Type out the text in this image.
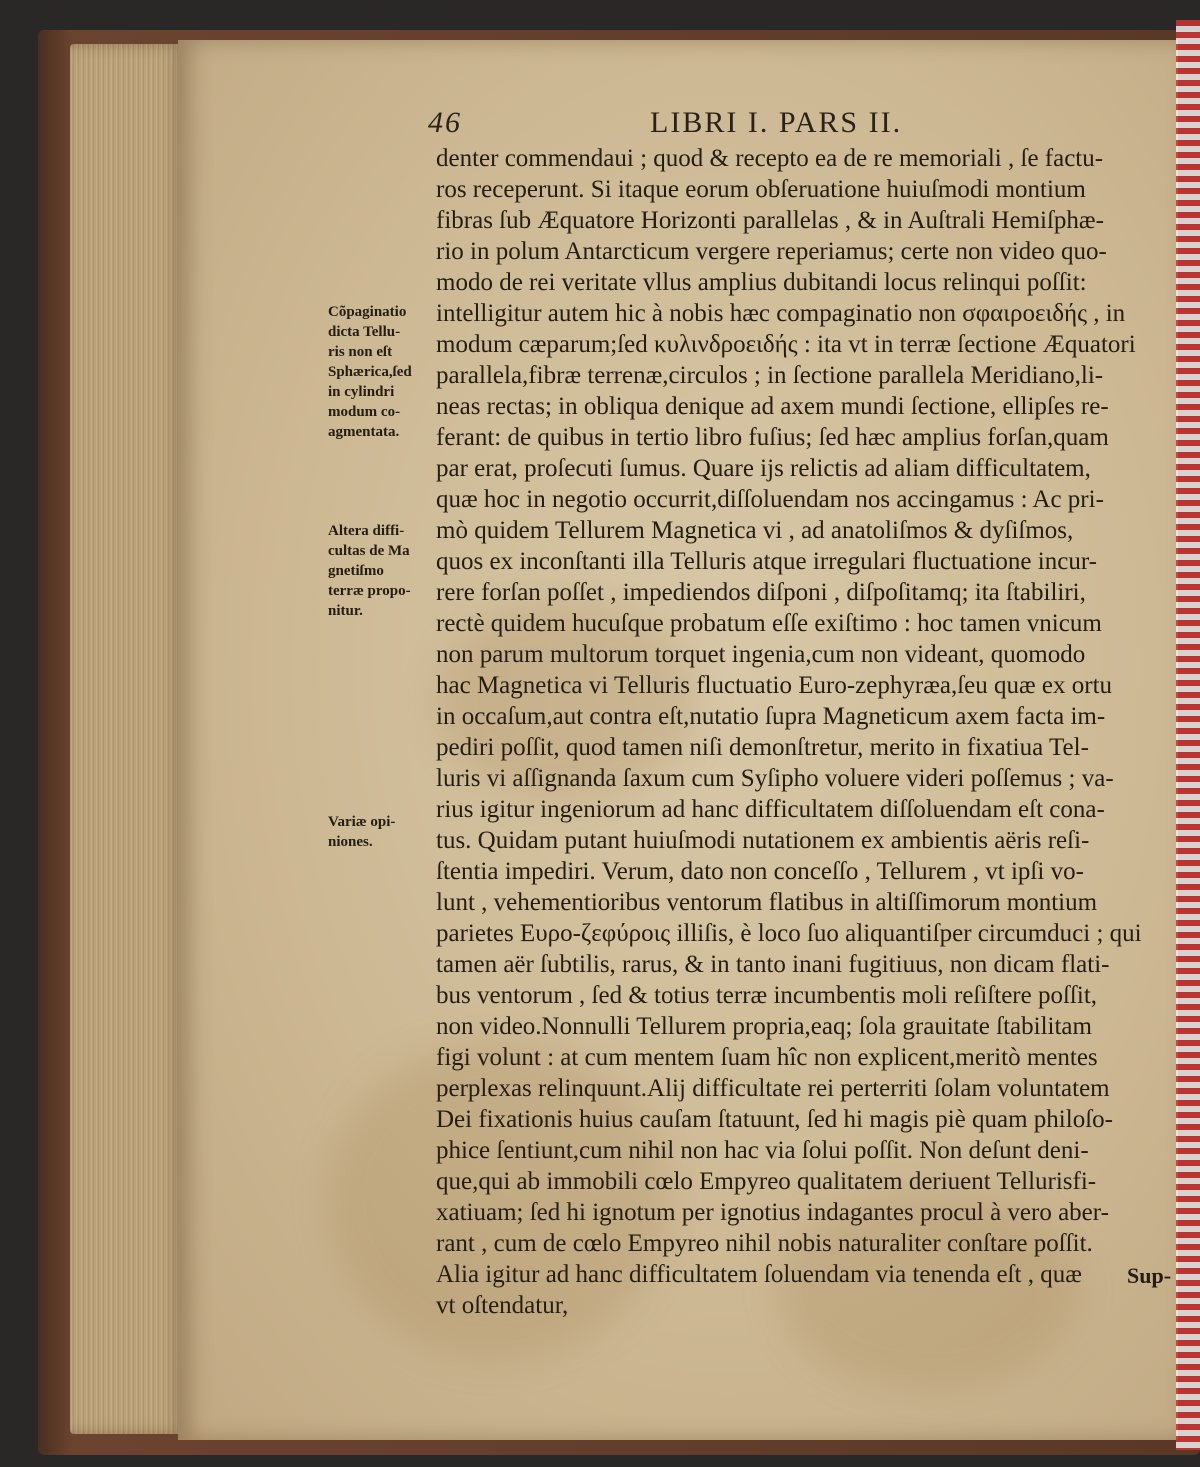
46	LIBRI I. PARS II.
Cõpaginatio
dicta Tellu-
ris non eſt
Sphærica,ſed
in cylindri
modum co-
agmentata.
Altera diffi-
cultas de Ma
gnetiſmo
terræ propo-
nitur.
Variæ opi-
niones.
denter commendaui ; quod & recepto ea de re memoriali , ſe factu-
ros receperunt. Si itaque eorum obſeruatione huiuſmodi montium
fibras ſub Æquatore Horizonti parallelas , & in Auſtrali Hemiſphæ-
rio in polum Antarcticum vergere reperiamus; certe non video quo-
modo de rei veritate vllus amplius dubitandi locus relinqui poſſit:
intelligitur autem hic à nobis hæc compaginatio non σφαιροειδής , in
modum cæparum;ſed κυλινδροειδής : ita vt in terræ ſectione Æquatori
parallela,fibræ terrenæ,circulos ; in ſectione parallela Meridiano,li-
neas rectas; in obliqua denique ad axem mundi ſectione, ellipſes re-
ferant: de quibus in tertio libro fuſius; ſed hæc amplius forſan,quam
par erat, proſecuti ſumus. Quare ijs relictis ad aliam difficultatem,
quæ hoc in negotio occurrit,diſſoluendam nos accingamus : Ac pri-
mò quidem Tellurem Magnetica vi , ad anatoliſmos & dyſiſmos,
quos ex inconſtanti illa Telluris atque irregulari fluctuatione incur-
rere forſan poſſet , impediendos diſponi , diſpoſitamq; ita ſtabiliri,
rectè quidem hucuſque probatum eſſe exiſtimo : hoc tamen vnicum
non parum multorum torquet ingenia,cum non videant, quomodo
hac Magnetica vi Telluris fluctuatio Euro-zephyræa,ſeu quæ ex ortu
in occaſum,aut contra eſt,nutatio ſupra Magneticum axem facta im-
pediri poſſit, quod tamen niſi demonſtretur, merito in fixatiua Tel-
luris vi aſſignanda ſaxum cum Syſipho voluere videri poſſemus ; va-
rius igitur ingeniorum ad hanc difficultatem diſſoluendam eſt cona-
tus. Quidam putant huiuſmodi nutationem ex ambientis aëris reſi-
ſtentia impediri. Verum, dato non conceſſo , Tellurem , vt ipſi vo-
lunt , vehementioribus ventorum flatibus in altiſſimorum montium
parietes Ευρο-ζεφύροις illiſis, è loco ſuo aliquantiſper circumduci ; qui
tamen aër ſubtilis, rarus, & in tanto inani fugitiuus, non dicam flati-
bus ventorum , ſed & totius terræ incumbentis moli reſiſtere poſſit,
non video.Nonnulli Tellurem propria,eaq; ſola grauitate ſtabilitam
figi volunt : at cum mentem ſuam hîc non explicent,meritò mentes
perplexas relinquunt.Alij difficultate rei perterriti ſolam voluntatem
Dei fixationis huius cauſam ſtatuunt, ſed hi magis piè quam philoſo-
phice ſentiunt,cum nihil non hac via ſolui poſſit. Non deſunt deni-
que,qui ab immobili cœlo Empyreo qualitatem deriuent Tellurisfi-
xatiuam; ſed hi ignotum per ignotius indagantes procul à vero aber-
rant , cum de cœlo Empyreo nihil nobis naturaliter conſtare poſſit.
Alia igitur ad hanc difficultatem ſoluendam via tenenda eſt , quæ
vt oſtendatur,
Sup-
